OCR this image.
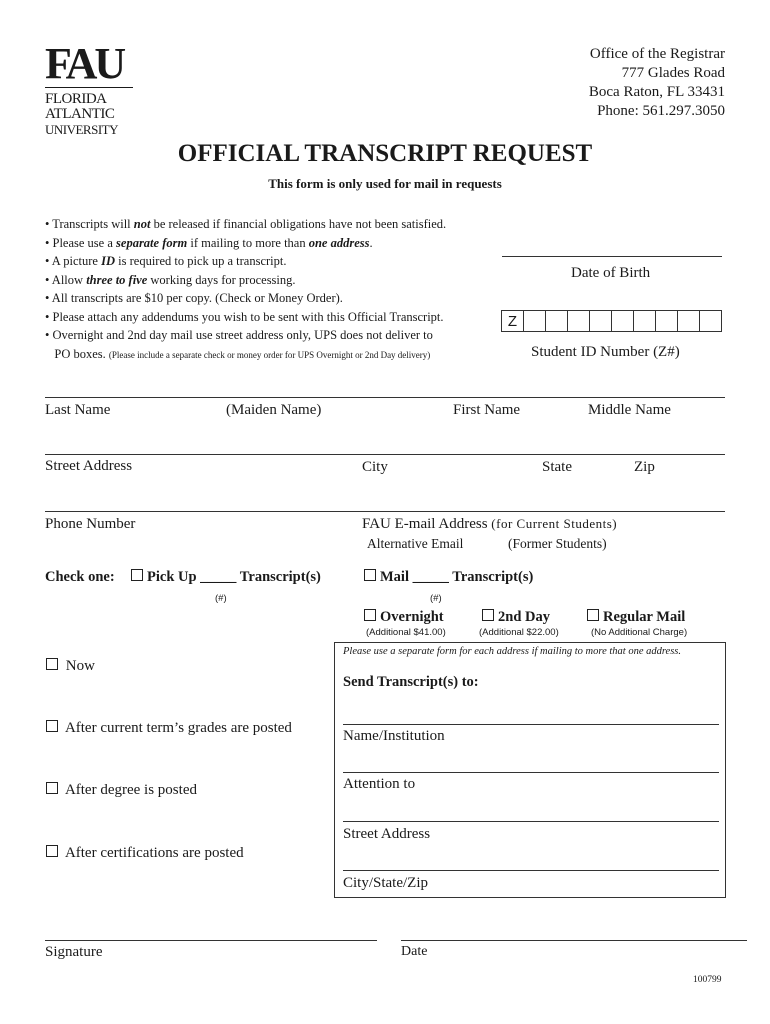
FAU
FLORIDA
ATLANTIC
UNIVERSITY
Office of the Registrar
777 Glades Road
Boca Raton, FL 33431
Phone: 561.297.3050
OFFICIAL TRANSCRIPT REQUEST
This form is only used for mail in requests
• Transcripts will not be released if financial obligations have not been satisfied.
• Please use a separate form if mailing to more than one address.
• A picture ID is required to pick up a transcript.
• Allow three to five working days for processing.
• All transcripts are $10 per copy. (Check or Money Order).
• Please attach any addendums you wish to be sent with this Official Transcript.
• Overnight and 2nd day mail use street address only, UPS does not deliver to
PO boxes. (Please include a separate check or money order for UPS Overnight or 2nd Day delivery)
Date of Birth
Z
Student ID Number (Z#)
Last Name	(Maiden Name)	First Name	Middle Name
Street Address	City	State	Zip
Phone Number	FAU E-mail Address (for Current Students)
Alternative Email	(Former Students)
Check one:	Pick Up _____ Transcript(s)
(#)
Mail _____ Transcript(s)
(#)
Overnight
(Additional $41.00)
2nd Day
(Additional $22.00)
Regular Mail
(No Additional Charge)
Now
After current term’s grades are posted
After degree is posted
After certifications are posted
Please use a separate form for each address if mailing to more that one address.
Send Transcript(s) to:
Name/Institution
Attention to
Street Address
City/State/Zip
Signature	Date
100799
